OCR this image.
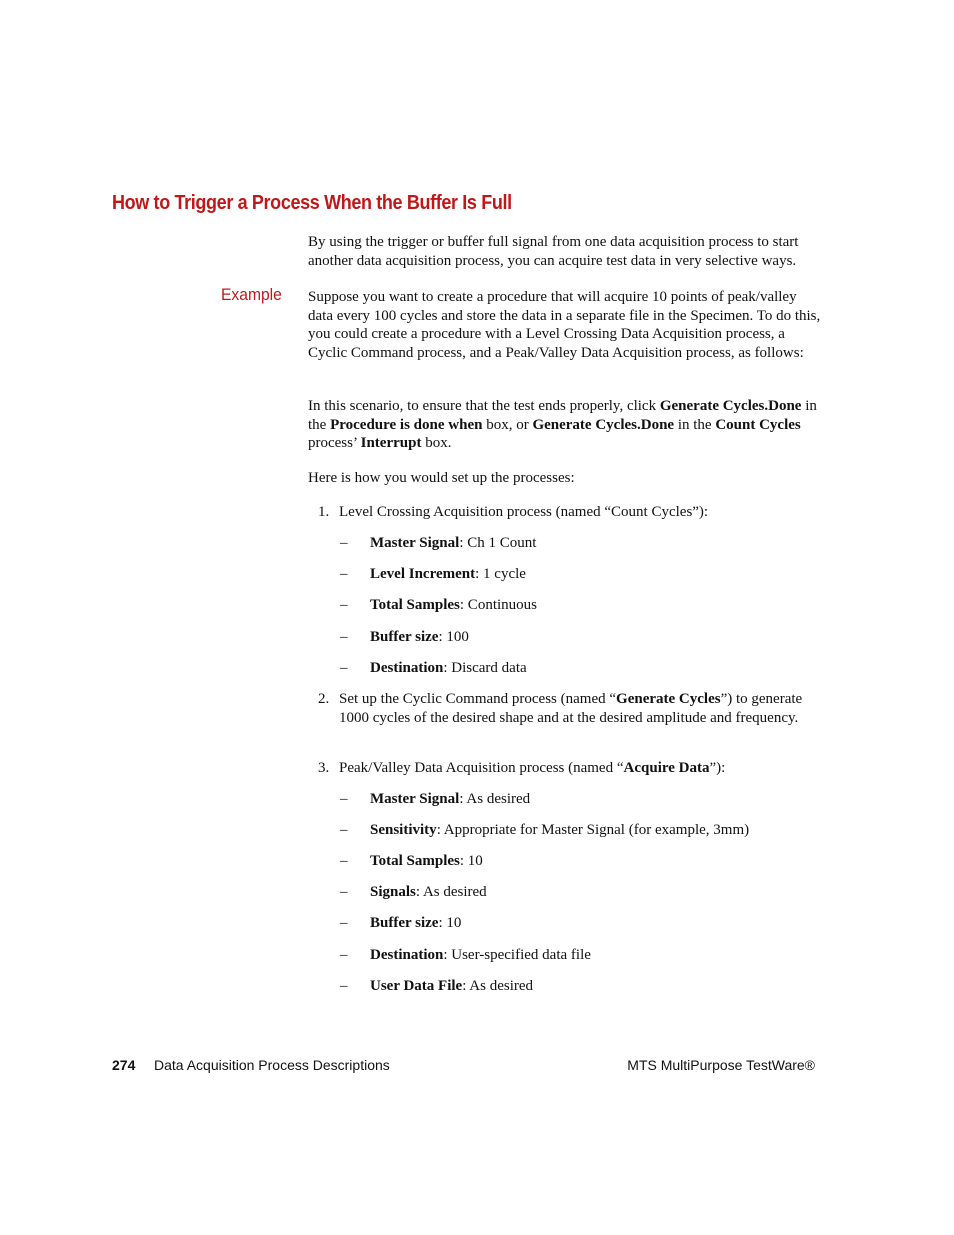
How to Trigger a Process When the Buffer Is Full

By using the trigger or buffer full signal from one data acquisition process to start another data acquisition process, you can acquire test data in very selective ways.

Example Suppose you want to create a procedure that will acquire 10 points of peak/valley data every 100 cycles and store the data in a separate file in the Specimen. To do this, you could create a procedure with a Level Crossing Data Acquisition process, a Cyclic Command process, and a Peak/Valley Data Acquisition process, as follows:

In this scenario, to ensure that the test ends properly, click Generate Cycles.Done in the Procedure is done when box, or Generate Cycles.Done in the Count Cycles process’ Interrupt box.

Here is how you would set up the processes:

1. Level Crossing Acquisition process (named “Count Cycles”):
– Master Signal: Ch 1 Count
– Level Increment: 1 cycle
– Total Samples: Continuous
– Buffer size: 100
– Destination: Discard data
2. Set up the Cyclic Command process (named “Generate Cycles”) to generate 1000 cycles of the desired shape and at the desired amplitude and frequency.
3. Peak/Valley Data Acquisition process (named “Acquire Data”):
– Master Signal: As desired
– Sensitivity: Appropriate for Master Signal (for example, 3mm)
– Total Samples: 10
– Signals: As desired
– Buffer size: 10
– Destination: User-specified data file
– User Data File: As desired
274 Data Acquisition Process Descriptions	MTS MultiPurpose TestWare®
